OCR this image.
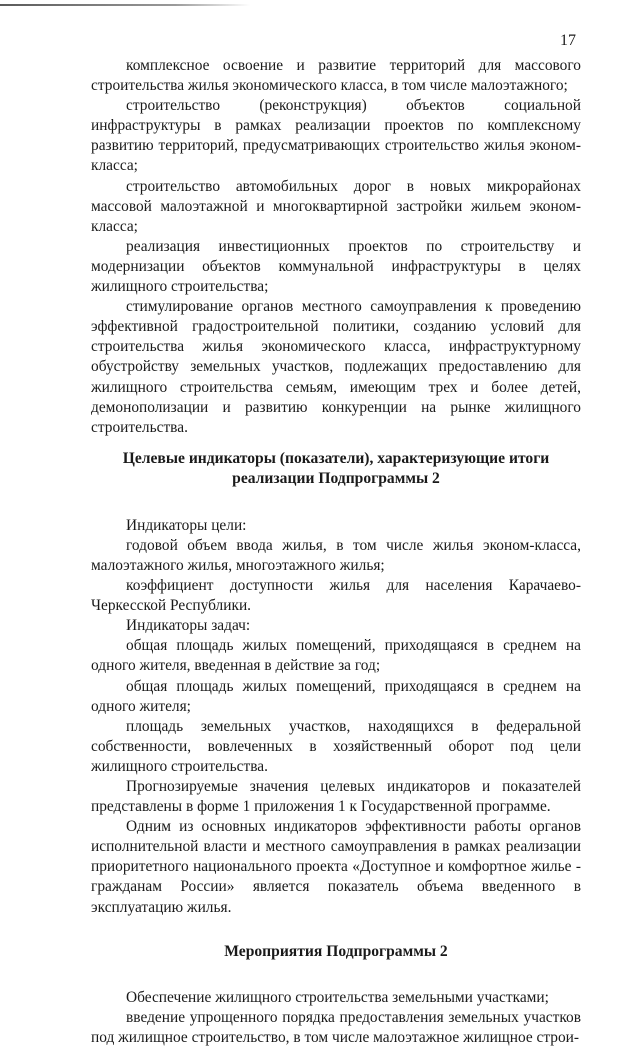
17

комплексное освоение и развитие территорий для массового строительства жилья экономического класса, в том числе малоэтажного;

строительство (реконструкция) объектов социальной инфраструктуры в рамках реализации проектов по комплексному развитию территорий, предусматривающих строительство жилья эконом-класса;

строительство автомобильных дорог в новых микрорайонах массовой малоэтажной и многоквартирной застройки жильем эконом-класса;

реализация инвестиционных проектов по строительству и модернизации объектов коммунальной инфраструктуры в целях жилищного строительства;

стимулирование органов местного самоуправления к проведению эффективной градостроительной политики, созданию условий для строительства жилья экономического класса, инфраструктурному обустройству земельных участков, подлежащих предоставлению для жилищного строительства семьям, имеющим трех и более детей, демонополизации и развитию конкуренции на рынке жилищного строительства.

Целевые индикаторы (показатели), характеризующие итоги

реализации Подпрограммы 2

Индикаторы цели:

годовой объем ввода жилья, в том числе жилья эконом-класса, малоэтажного жилья, многоэтажного жилья;

коэффициент доступности жилья для населения Карачаево-Черкесской Республики.

Индикаторы задач:

общая площадь жилых помещений, приходящаяся в среднем на одного жителя, введенная в действие за год;

общая площадь жилых помещений, приходящаяся в среднем на одного жителя;

площадь земельных участков, находящихся в федеральной собственности, вовлеченных в хозяйственный оборот под цели жилищного строительства.

Прогнозируемые значения целевых индикаторов и показателей представлены в форме 1 приложения 1 к Государственной программе.

Одним из основных индикаторов эффективности работы органов исполнительной власти и местного самоуправления в рамках реализации приоритетного национального проекта «Доступное и комфортное жилье - гражданам России» является показатель объема введенного в эксплуатацию жилья.

Мероприятия Подпрограммы 2

Обеспечение жилищного строительства земельными участками;

введение упрощенного порядка предоставления земельных участков под жилищное строительство, в том числе малоэтажное жилищное строи-
